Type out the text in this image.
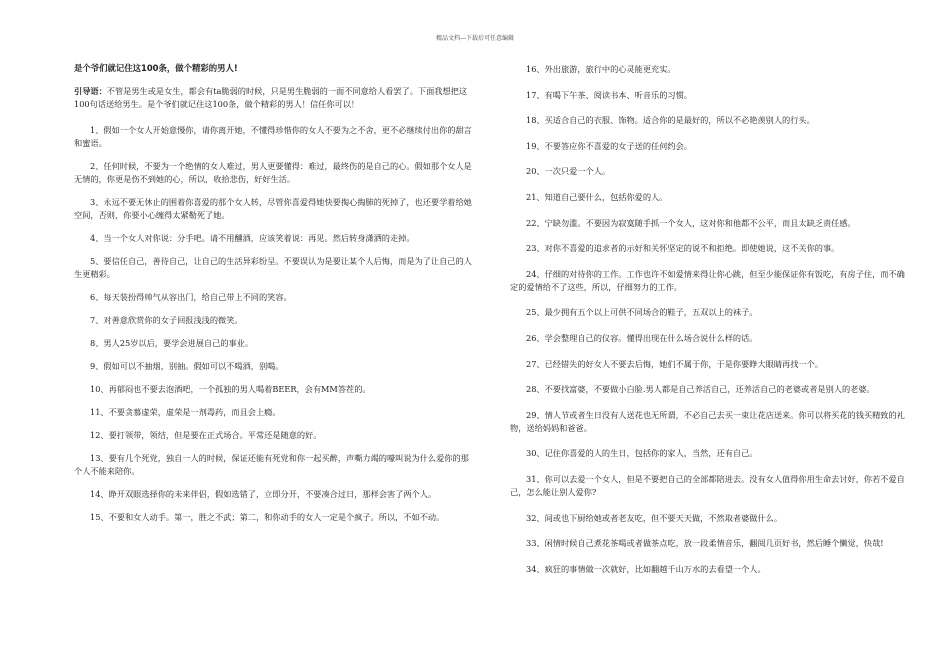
精品文档---下载后可任意编辑
是个爷们就记住这100条，做个精彩的男人!
引导语：不管是男生或是女生，都会有ta脆弱的时候，只是男生脆弱的一面不同意给人看罢了。下面我想把这100句话送给男生。是个爷们就记住这100条，做个精彩的男人！信任你可以！
1、假如一个女人开始意慢你，请你离开她，不懂得珍惜你的女人不要为之不舍，更不必继续付出你的甜言和蜜语。
2、任何时候，不要为一个绝情的女人难过，男人更要懂得：难过，最终伤的是自己的心。假如那个女人是无情的，你更是伤不到她的心，所以，收拾悲伤，好好生活。
3、永远不要无休止的围着你喜爱的那个女人转，尽管你喜爱得她快要掏心掏肺的死掉了，也还要学着给她空间，否则，你要小心缠得太紧勒死了她。
4、当一个女人对你说：分手吧。请不用醺酒，应该笑着说：再见。然后转身潇洒的走掉。
5、要信任自己，善待自己，让自己的生活异彩纷呈。不要误认为是要让某个人后悔，而是为了让自己的人生更精彩。
6、每天装扮得帅气从容出门，给自己带上不同的笑容。
7、对善意欣赏你的女子回报浅浅的微笑。
8、男人25岁以后，要学会进展自己的事业。
9、假如可以不抽烟，别抽。假如可以不喝酒，别喝。
10、再郁闷也不要去泡酒吧，一个孤独的男人喝着BEER，会有MM答茬的。
11、不要贪慕虚荣，虚荣是一剂毒药，而且会上瘾。
12、要打领带，领结，但是要在正式场合。平常还是随意的好。
13、要有几个死党，独自一人的时候，保证还能有死党和你一起买醉，声嘶力竭的嚎叫说为什么爱你的那个人不能来陪你。
14、睁开双眼选择你的未来伴侣，假如选错了，立即分开，不要凑合过日，那样会害了两个人。
15、不要和女人动手。第一，胜之不武；第二，和你动手的女人一定是个疯子。所以，不如不动。
16、外出旅游，旅行中的心灵能更充实。
17、有喝下午茶、阅读书本、听音乐的习惯。
18、买适合自己的衣服、饰物。适合你的是最好的，所以不必艳羡别人的行头。
19、不要答应你不喜爱的女子送的任何约会。
20、一次只爱一个人。
21、知道自己要什么，包括你爱的人。
22、宁缺勿滥。不要因为寂寞随手抓一个女人，这对你和他都不公平，而且太缺乏责任感。
23、对你不喜爱的追求者的示好和关怀坚定的说不和拒绝。即使她说，这不关你的事。
24、仔细的对待你的工作。工作也许不如爱情来得让你心跳，但至少能保证你有饭吃，有房子住，而不确定的爱情给不了这些，所以，仔细努力的工作。
25、最少拥有五个以上可供不同场合的鞋子，五双以上的袜子。
26、学会整理自己的仪容。懂得出现在什么场合说什么样的话。
27、已经错失的好女人不要去后悔，她们不属于你，于是你要睁大眼睛再找一个。
28、不要找富婆，不要做小白脸.男人都是自己养活自己，还养活自己的老婆或者是别人的老婆。
29、情人节或者生日没有人送花也无所谓，不必自己去买一束让花店送来。你可以将买花的钱买精致的礼物，送给妈妈和爸爸。
30、记住你喜爱的人的生日，包括你的家人，当然，还有自己。
31、你可以去爱一个女人，但是不要把自己的全部都陪进去。没有女人值得你用生命去讨好，你若不爱自己，怎么能让别人爱你?
32、间或也下厨给她或者老友吃，但不要天天做，不然取者婆做什么。
33、闲情时候自己煮花茶喝或者做茶点吃，放一段柔情音乐，翻阅几页好书，然后睡个懒觉，快哉!
34、疯狂的事情做一次就好，比如翻越千山万水的去看望一个人。
